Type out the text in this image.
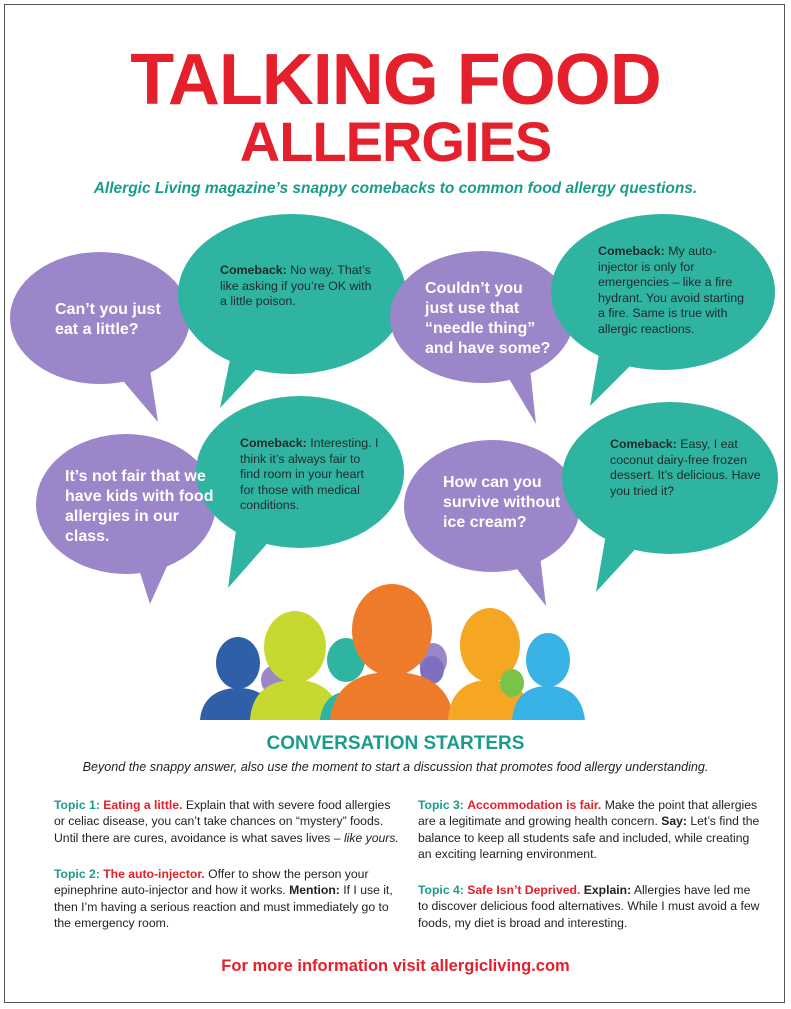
TALKING FOOD
ALLERGIES
Allergic Living magazine’s snappy comebacks to common food allergy questions.
Can’t you just eat a little?
Comeback: No way. That’s like asking if you’re OK with a little poison.
Couldn’t you just use that “needle thing” and have some?
Comeback: My auto-injector is only for emergencies – like a fire hydrant. You avoid starting a fire. Same is true with allergic reactions.
It’s not fair that we have kids with food allergies in our class.
Comeback: Interesting. I think it’s always fair to find room in your heart for those with medical conditions.
How can you survive without ice cream?
Comeback: Easy, I eat coconut dairy-free frozen dessert. It’s delicious. Have you tried it?
CONVERSATION STARTERS
Beyond the snappy answer, also use the moment to start a discussion that promotes food allergy understanding.
Topic 1: Eating a little. Explain that with severe food allergies or celiac disease, you can’t take chances on “mystery” foods. Until there are cures, avoidance is what saves lives – like yours.
Topic 2: The auto-injector. Offer to show the person your epinephrine auto-injector and how it works. Mention: If I use it, then I’m having a serious reaction and must immediately go to the emergency room.
Topic 3: Accommodation is fair. Make the point that allergies are a legitimate and growing health concern. Say: Let’s find the balance to keep all students safe and included, while creating an exciting learning environment.
Topic 4: Safe Isn’t Deprived. Explain: Allergies have led me to discover delicious food alternatives. While I must avoid a few foods, my diet is broad and interesting.
For more information visit allergicliving.com
